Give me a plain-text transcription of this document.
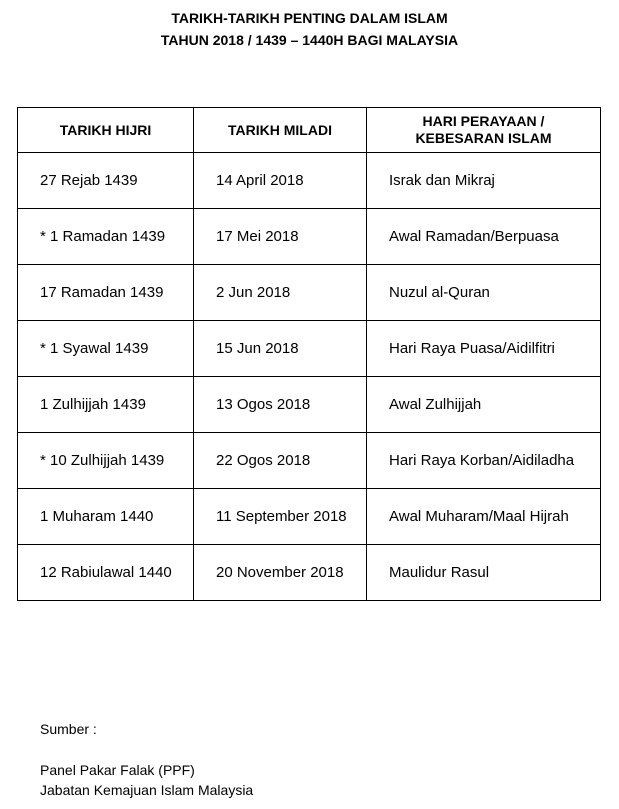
TARIKH-TARIKH PENTING DALAM ISLAM
TAHUN 2018 / 1439 – 1440H BAGI MALAYSIA
TARIKH HIJRI	TARIKH MILADI	HARI PERAYAAN /
KEBESARAN ISLAM

27 Rejab 1439	14 April 2018	Israk dan Mikraj
* 1 Ramadan 1439	17 Mei 2018	Awal Ramadan/Berpuasa
17 Ramadan 1439	2 Jun 2018	Nuzul al-Quran
* 1 Syawal 1439	15 Jun 2018	Hari Raya Puasa/Aidilfitri
1 Zulhijjah 1439	13 Ogos 2018	Awal Zulhijjah
* 10 Zulhijjah 1439	22 Ogos 2018	Hari Raya Korban/Aidiladha
1 Muharam 1440	11 September 2018	Awal Muharam/Maal Hijrah
12 Rabiulawal 1440	20 November 2018	Maulidur Rasul
Sumber :
Panel Pakar Falak (PPF)
Jabatan Kemajuan Islam Malaysia
